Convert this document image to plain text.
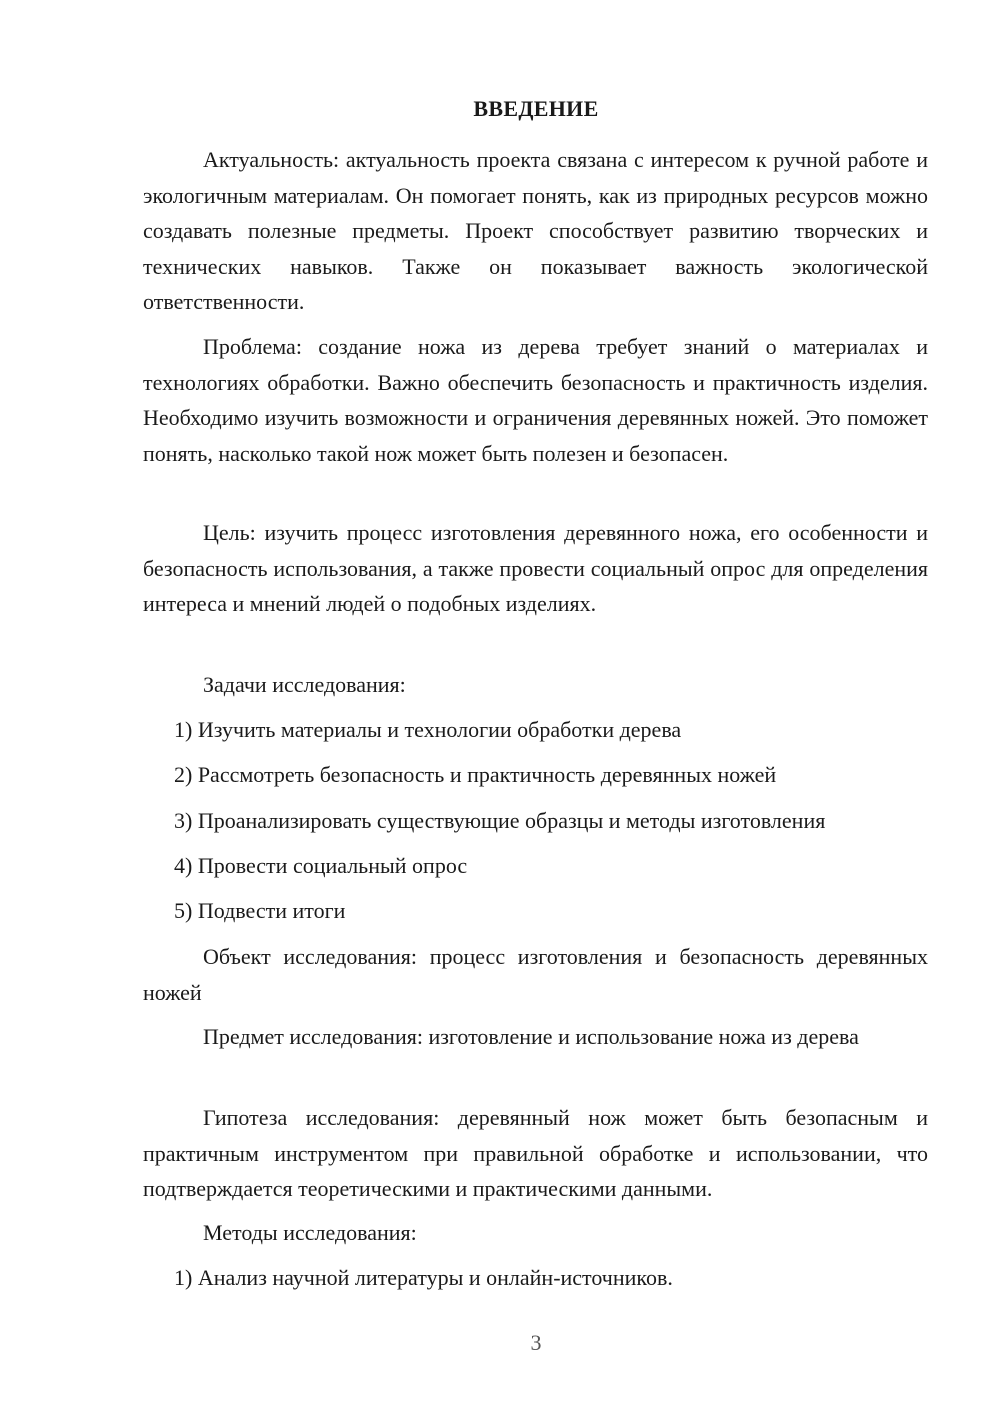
ВВЕДЕНИЕ

Актуальность: актуальность проекта связана с интересом к ручной работе и экологичным материалам. Он помогает понять, как из природных ресурсов можно создавать полезные предметы. Проект способствует развитию творческих и технических навыков. Также он показывает важность экологической ответственности.

Проблема: создание ножа из дерева требует знаний о материалах и технологиях обработки. Важно обеспечить безопасность и практичность изделия. Необходимо изучить возможности и ограничения деревянных ножей. Это поможет понять, насколько такой нож может быть полезен и безопасен.

Цель: изучить процесс изготовления деревянного ножа, его особенности и безопасность использования, а также провести социальный опрос для определения интереса и мнений людей о подобных изделиях.

Задачи исследования:

1) Изучить материалы и технологии обработки дерева

2) Рассмотреть безопасность и практичность деревянных ножей

3) Проанализировать существующие образцы и методы изготовления

4) Провести социальный опрос

5) Подвести итоги

Объект исследования: процесс изготовления и безопасность деревянных ножей

Предмет исследования: изготовление и использование ножа из дерева

Гипотеза исследования: деревянный нож может быть безопасным и практичным инструментом при правильной обработке и использовании, что подтверждается теоретическими и практическими данными.

Методы исследования:

1) Анализ научной литературы и онлайн-источников.

3
